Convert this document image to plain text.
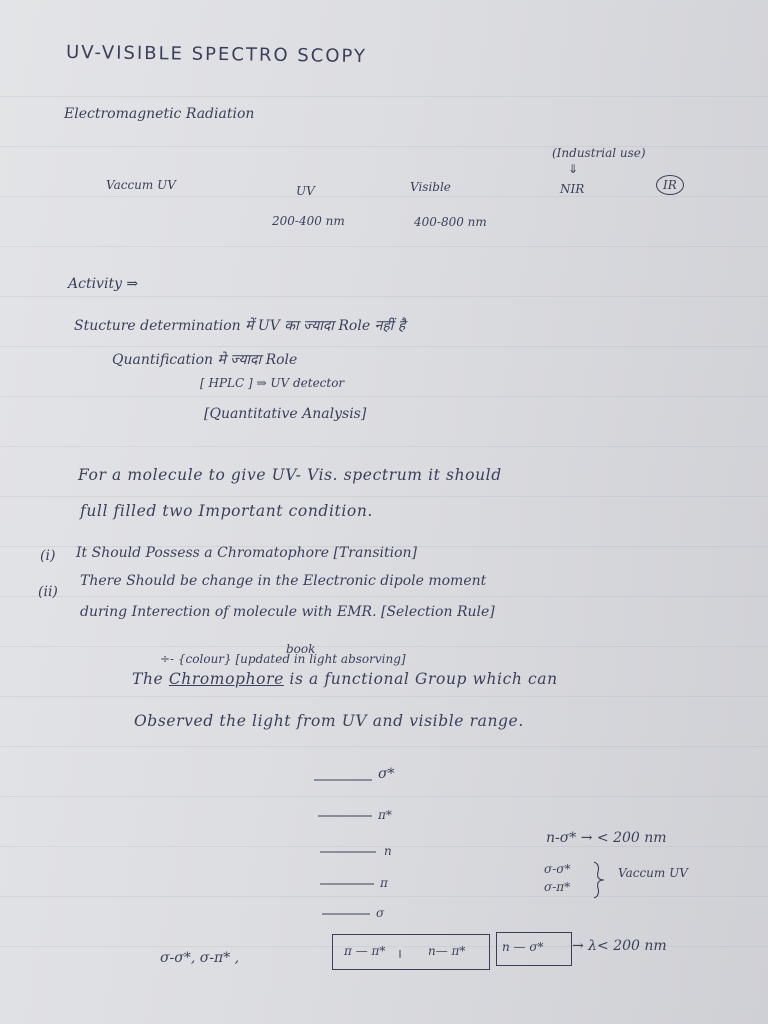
UV-VISIBLE SPECTRO SCOPY
Electromagnetic Radiation
(Industrial use)
⇓
Vaccum UV	UV	Visible	NIR	IR
200-400 nm	400-800 nm
Activity ⇒
Stucture determination में UV का ज्यादा Role नहीं है
Quantification मे ज्यादा Role
[ HPLC ] ⇒ UV detector
[Quantitative Analysis]
For a molecule to give UV- Vis. spectrum it should
full filled two Important condition.
(i) It Should Possess a Chromatophore [Transition]
(ii)
There Should be change in the Electronic dipole moment
during Interection of molecule with EMR. [Selection Rule]
book
÷- {colour} [updated in light absorving]
The Chromophore is a functional Group which can
Observed the light from UV and visible range.
σ*
π*
n
π
σ
n-σ* → < 200 nm
σ-σ*
σ-π*
Vaccum UV
σ-σ*, σ-π* ,	π — π*	n— π*	n — σ* → λ< 200 nm
